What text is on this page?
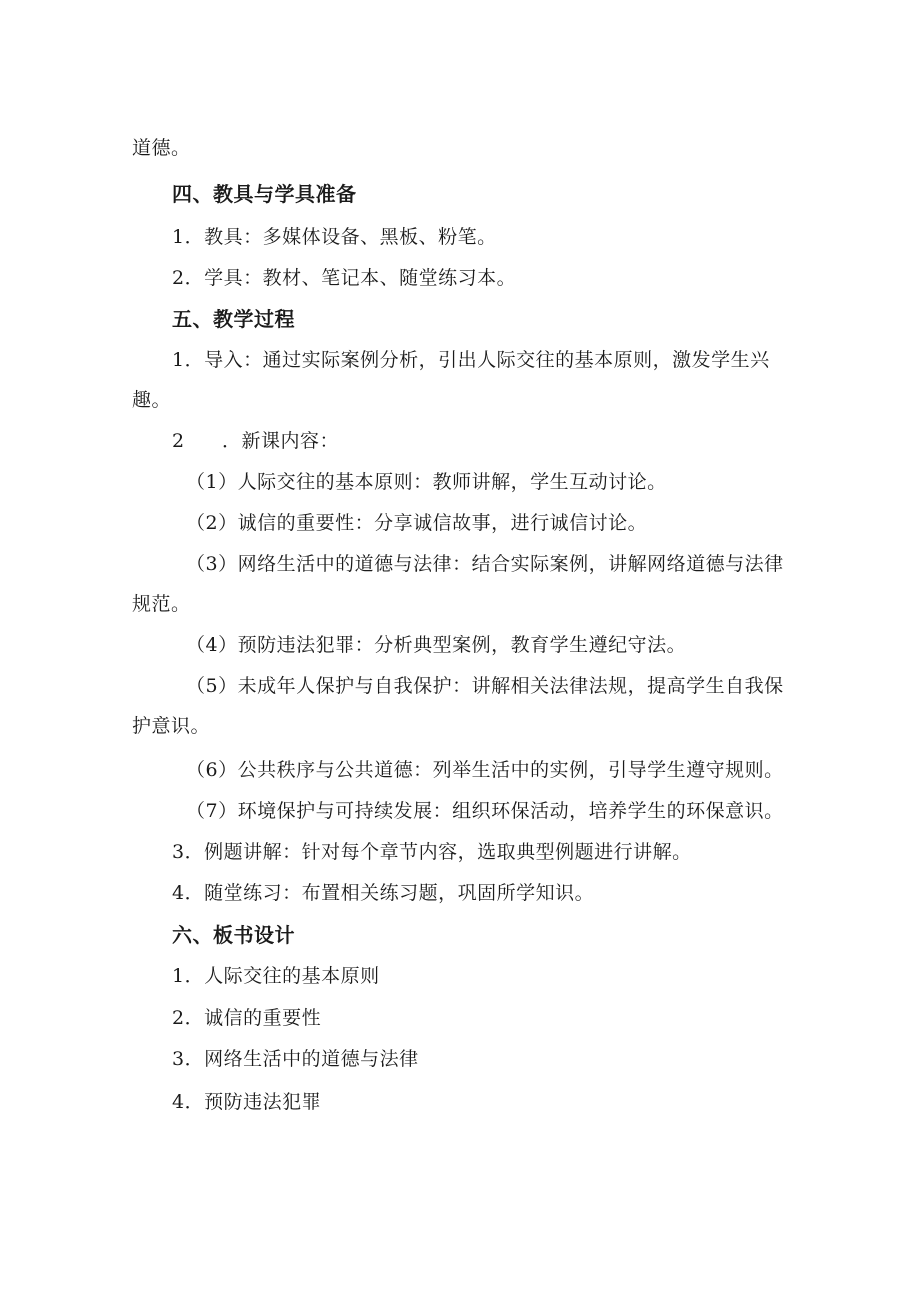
道德。
四、教具与学具准备
1．教具：多媒体设备、黑板、粉笔。
2．学具：教材、笔记本、随堂练习本。
五、教学过程
1．导入：通过实际案例分析，引出人际交往的基本原则，激发学生兴
趣。
2 ．新课内容：
（1）人际交往的基本原则：教师讲解，学生互动讨论。
（2）诚信的重要性：分享诚信故事，进行诚信讨论。
（3）网络生活中的道德与法律：结合实际案例，讲解网络道德与法律
规范。
（4）预防违法犯罪：分析典型案例，教育学生遵纪守法。
（5）未成年人保护与自我保护：讲解相关法律法规，提高学生自我保
护意识。
（6）公共秩序与公共道德：列举生活中的实例，引导学生遵守规则。
（7）环境保护与可持续发展：组织环保活动，培养学生的环保意识。
3．例题讲解：针对每个章节内容，选取典型例题进行讲解。
4．随堂练习：布置相关练习题，巩固所学知识。
六、板书设计
1．人际交往的基本原则
2．诚信的重要性
3．网络生活中的道德与法律
4．预防违法犯罪
